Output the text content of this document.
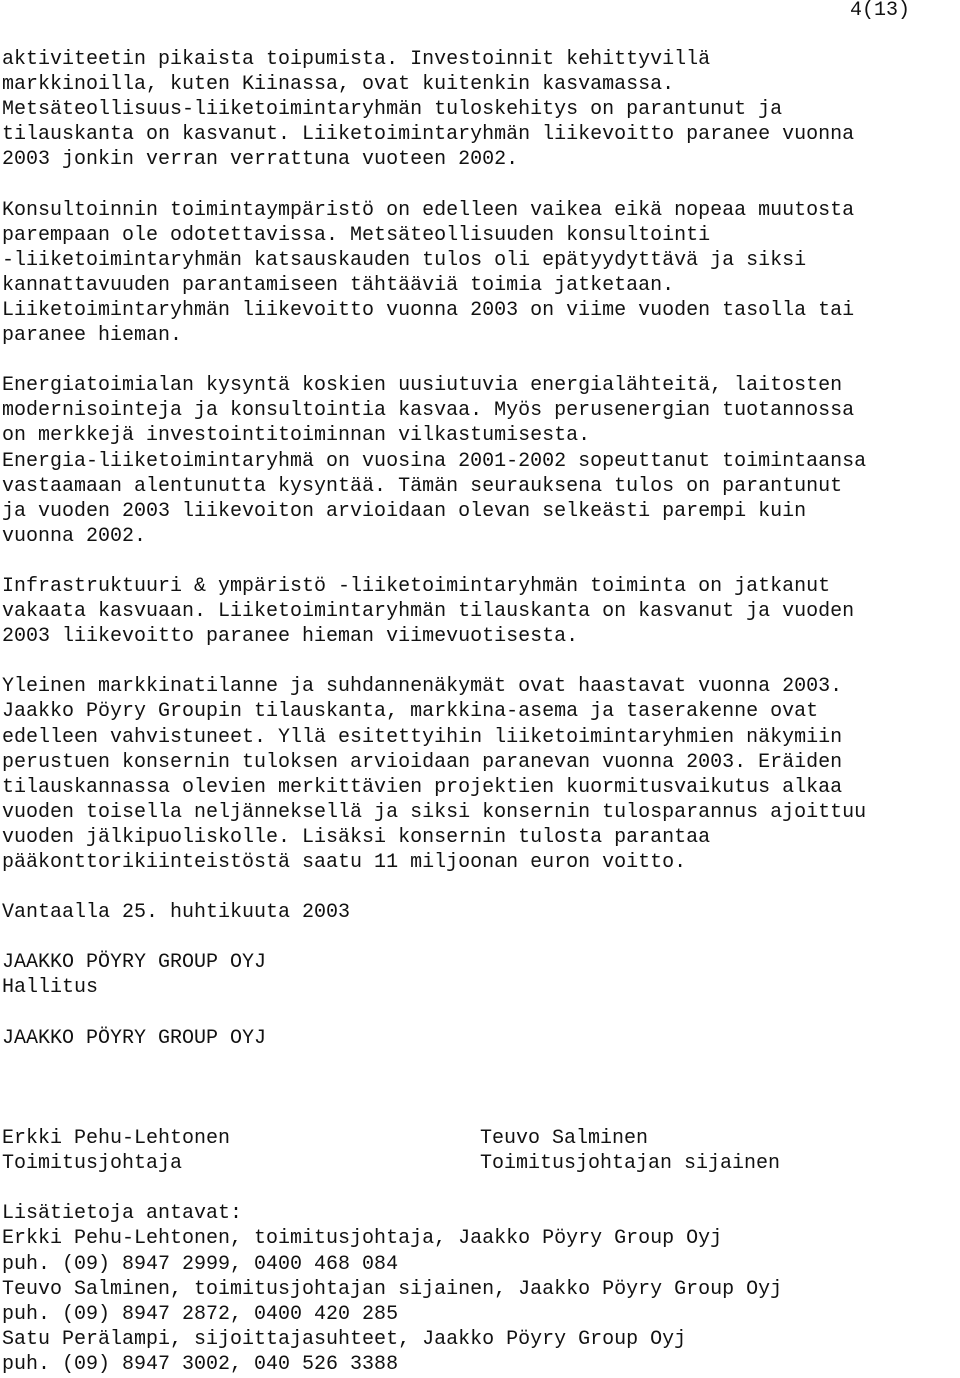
4(13)
aktiviteetin pikaista toipumista. Investoinnit kehittyvillä
markkinoilla, kuten Kiinassa, ovat kuitenkin kasvamassa.
Metsäteollisuus-liiketoimintaryhmän tuloskehitys on parantunut ja
tilauskanta on kasvanut. Liiketoimintaryhmän liikevoitto paranee vuonna
2003 jonkin verran verrattuna vuoteen 2002.
Konsultoinnin toimintaympäristö on edelleen vaikea eikä nopeaa muutosta
parempaan ole odotettavissa. Metsäteollisuuden konsultointi
-liiketoimintaryhmän katsauskauden tulos oli epätyydyttävä ja siksi
kannattavuuden parantamiseen tähtääviä toimia jatketaan.
Liiketoimintaryhmän liikevoitto vuonna 2003 on viime vuoden tasolla tai
paranee hieman.
Energiatoimialan kysyntä koskien uusiutuvia energialähteitä, laitosten
modernisointeja ja konsultointia kasvaa. Myös perusenergian tuotannossa
on merkkejä investointitoiminnan vilkastumisesta.
Energia-liiketoimintaryhmä on vuosina 2001-2002 sopeuttanut toimintaansa
vastaamaan alentunutta kysyntää. Tämän seurauksena tulos on parantunut
ja vuoden 2003 liikevoiton arvioidaan olevan selkeästi parempi kuin
vuonna 2002.
Infrastruktuuri & ympäristö -liiketoimintaryhmän toiminta on jatkanut
vakaata kasvuaan. Liiketoimintaryhmän tilauskanta on kasvanut ja vuoden
2003 liikevoitto paranee hieman viimevuotisesta.
Yleinen markkinatilanne ja suhdannenäkymät ovat haastavat vuonna 2003.
Jaakko Pöyry Groupin tilauskanta, markkina-asema ja taserakenne ovat
edelleen vahvistuneet. Yllä esitettyihin liiketoimintaryhmien näkymiin
perustuen konsernin tuloksen arvioidaan paranevan vuonna 2003. Eräiden
tilauskannassa olevien merkittävien projektien kuormitusvaikutus alkaa
vuoden toisella neljänneksellä ja siksi konsernin tulosparannus ajoittuu
vuoden jälkipuoliskolle. Lisäksi konsernin tulosta parantaa
pääkonttorikiinteistöstä saatu 11 miljoonan euron voitto.
Vantaalla 25. huhtikuuta 2003
JAAKKO PÖYRY GROUP OYJ
Hallitus
JAAKKO PÖYRY GROUP OYJ
Erkki Pehu-Lehtonen
Toimitusjohtaja
Teuvo Salminen
Toimitusjohtajan sijainen
Lisätietoja antavat:
Erkki Pehu-Lehtonen, toimitusjohtaja, Jaakko Pöyry Group Oyj
puh. (09) 8947 2999, 0400 468 084
Teuvo Salminen, toimitusjohtajan sijainen, Jaakko Pöyry Group Oyj
puh. (09) 8947 2872, 0400 420 285
Satu Perälampi, sijoittajasuhteet, Jaakko Pöyry Group Oyj
puh. (09) 8947 3002, 040 526 3388
